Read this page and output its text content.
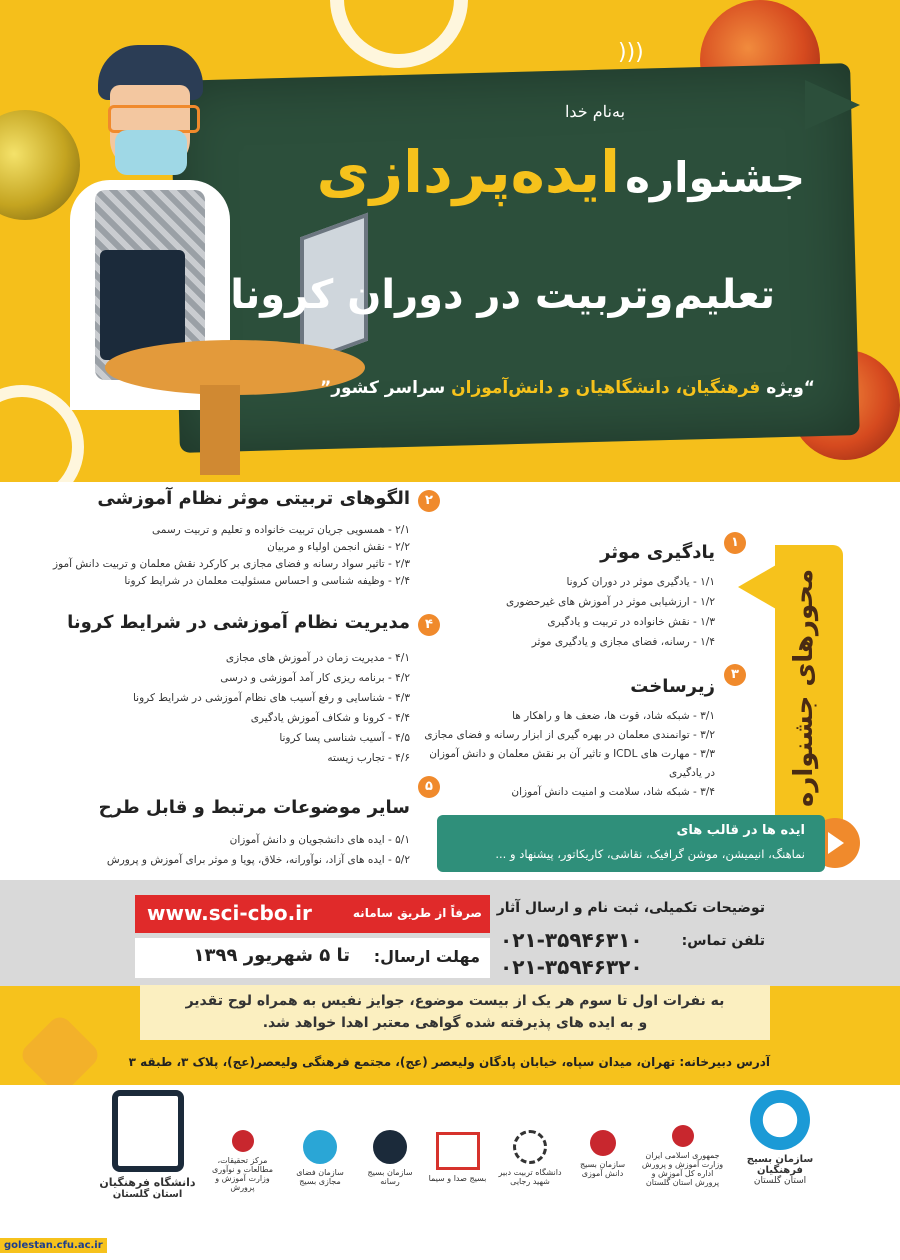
)))
به‌نام خدا
جشنواره ایده‌پردازی
تعلیم‌وتربیت در دوران کرونا
“ویژه فرهنگیان، دانشگاهیان و دانش‌آموزان سراسر کشور”
۲
الگوهای تربیتی موثر نظام آموزشی
۲/۱ - همسویی جریان تربیت خانواده و تعلیم و تربیت رسمی
۲/۲ - نقش انجمن اولیاء و مربیان
۲/۳ - تاثیر سواد رسانه و فضای مجازی بر کارکرد نقش معلمان و تربیت دانش آموز
۲/۴ - وظیفه شناسی و احساس مسئولیت معلمان در شرایط کرونا
۴
مدیریت نظام آموزشی در شرایط کرونا
۴/۱ - مدیریت زمان در آموزش های مجازی
۴/۲ - برنامه ریزی کار آمد آموزشی و درسی
۴/۳ - شناسایی و رفع آسیب های نظام آموزشی در شرایط کرونا
۴/۴ - کرونا و شکاف آموزش یادگیری
۴/۵ - آسیب شناسی پسا کرونا
۴/۶ - تجارب زیسته
۵
سایر موضوعات مرتبط و قابل طرح
۵/۱ - ایده های دانشجویان و دانش آموزان
۵/۲ - ایده های آزاد، نوآورانه، خلاق، پویا و موثر برای آموزش و پرورش
۱
یادگیری موثر
۱/۱ - یادگیری موثر در دوران کرونا
۱/۲ - ارزشیابی موثر در آموزش های غیرحضوری
۱/۳ - نقش خانواده در تربیت و یادگیری
۱/۴ - رسانه، فضای مجازی و یادگیری موثر
۳
زیرساخت
۳/۱ - شبکه شاد، قوت ها، ضعف ها و راهکار ها
۳/۲ - توانمندی معلمان در بهره گیری از ابزار رسانه و فضای مجازی
۳/۳ - مهارت های ICDL و تاثیر آن بر نقش معلمان و دانش آموزان
در یادگیری
۳/۴ - شبکه شاد، سلامت و امنیت دانش آموزان	محورهای جشنواره
ایده ها در قالب های
نماهنگ، انیمیشن، موشن گرافیک، نقاشی، کاریکاتور، پیشنهاد و ...
توضیحات تکمیلی، ثبت نام و ارسال آثار
www.sci-cbo.ir	صرفاً از طریق سامانه
مهلت ارسال:
تا ۵ شهریور ۱۳۹۹
تلفن تماس:
۰۲۱-۳۵۹۴۶۳۱۰
۰۲۱-۳۵۹۴۶۳۲۰
به نفرات اول تا سوم هر یک از بیست موضوع، جوایز نفیس به همراه لوح تقدیر
و به ایده های پذیرفته شده گواهی معتبر اهدا خواهد شد.
آدرس دبیرخانه: تهران، میدان سپاه، خیابان پادگان ولیعصر (عج)، مجتمع فرهنگی ولیعصر(عج)، پلاک ۳، طبقه ۳
دانشگاه فرهنگیان
استان گلستان
مرکز تحقیقات، مطالعات و نوآوری
وزارت آموزش و پرورش
سازمان فضای مجازی بسیج
سازمان بسیج رسانه	بسیج صدا و سیما
دانشگاه تربیت دبیر شهید رجایی
سازمان بسیج دانش آموزی
جمهوری اسلامی ایران
وزارت آموزش و پرورش
اداره کل آموزش و پرورش استان گلستان
سازمان بسیج فرهنگیان
استان گلستان
golestan.cfu.ac.ir
